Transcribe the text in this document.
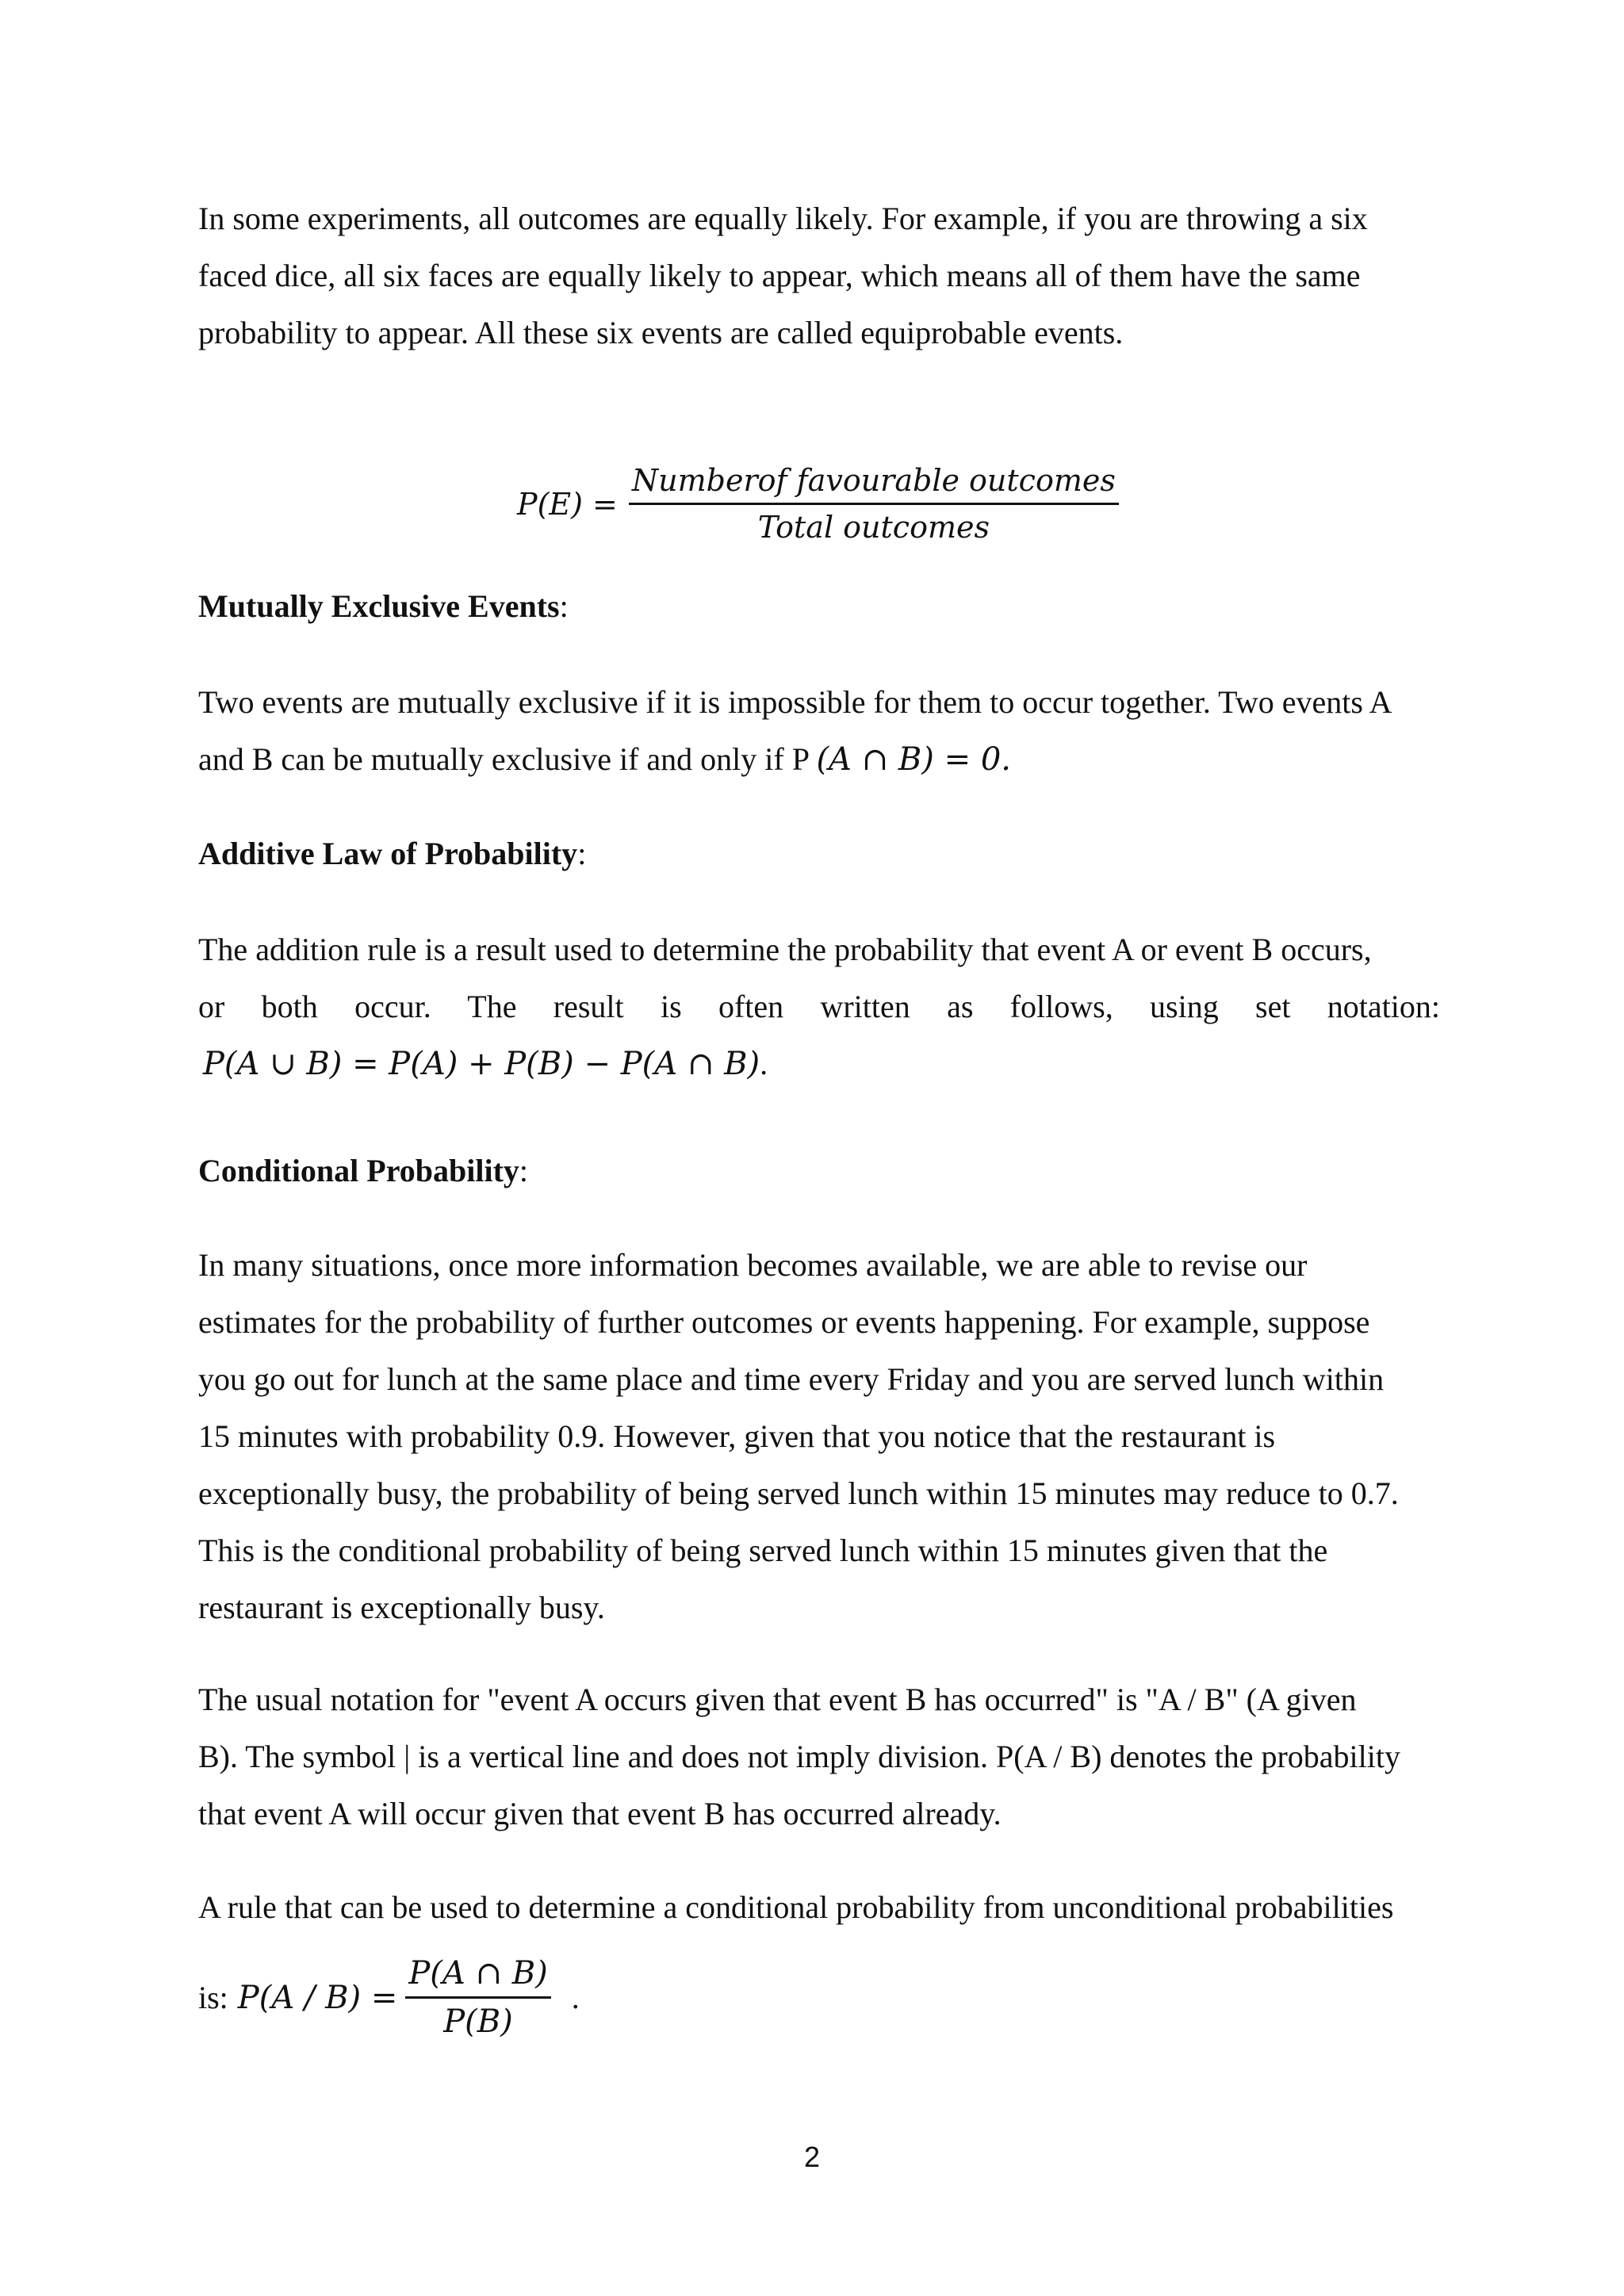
In some experiments, all outcomes are equally likely. For example, if you are throwing a six
faced dice, all six faces are equally likely to appear, which means all of them have the same
probability to appear. All these six events are called equiprobable events.
$P(E) = \frac{\text{Numberof favourable outcomes}}{\text{Total outcomes}}$
Mutually Exclusive Events:
Two events are mutually exclusive if it is impossible for them to occur together. Two events A
and B can be mutually exclusive if and only if P (A ∩ B) = 0.
Additive Law of Probability:
The addition rule is a result used to determine the probability that event A or event B occurs,
or both occur. The result is often written as follows, using set notation:
P(A ∪ B) = P(A) + P(B) − P(A ∩ B).
Conditional Probability:
In many situations, once more information becomes available, we are able to revise our
estimates for the probability of further outcomes or events happening. For example, suppose
you go out for lunch at the same place and time every Friday and you are served lunch within
15 minutes with probability 0.9. However, given that you notice that the restaurant is
exceptionally busy, the probability of being served lunch within 15 minutes may reduce to 0.7.
This is the conditional probability of being served lunch within 15 minutes given that the
restaurant is exceptionally busy.
The usual notation for "event A occurs given that event B has occurred" is "A / B" (A given
B). The symbol | is a vertical line and does not imply division. P(A / B) denotes the probability
that event A will occur given that event B has occurred already.
A rule that can be used to determine a conditional probability from unconditional probabilities
is: $P(A / B) = \frac{P(A \cap B)}{P(B)}$ .
2
